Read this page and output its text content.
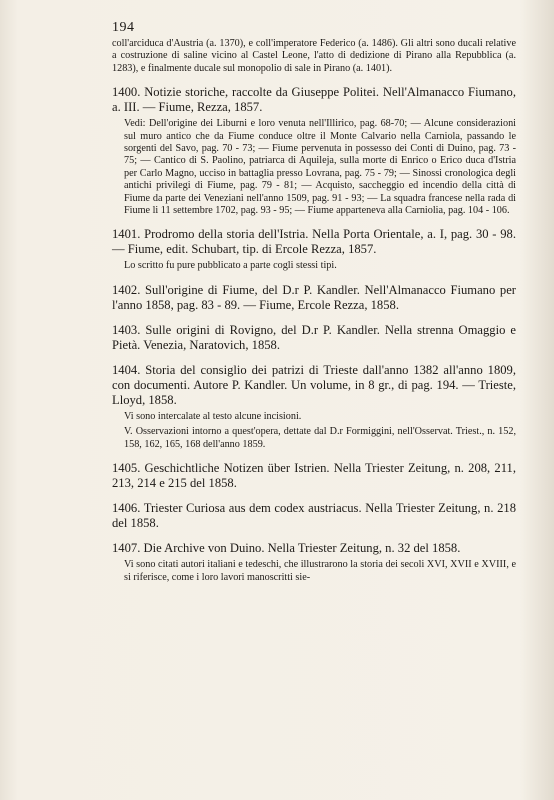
194

coll'arciduca d'Austria (a. 1370), e coll'imperatore Federico (a. 1486). Gli altri sono ducali relative a costruzione di saline vicino al Castel Leone, l'atto di dedizione di Pirano alla Repubblica (a. 1283), e finalmente ducale sul monopolio di sale in Pirano (a. 1401).

1400. Notizie storiche, raccolte da Giuseppe Politei. Nell'Almanacco Fiumano, a. III. — Fiume, Rezza, 1857.

Vedi: Dell'origine dei Liburni e loro venuta nell'Illirico, pag. 68-70; — Alcune considerazioni sul muro antico che da Fiume conduce oltre il Monte Calvario nella Carniola, passando le sorgenti del Savo, pag. 70 - 73; — Fiume pervenuta in possesso dei Conti di Duino, pag. 73 - 75; — Cantico di S. Paolino, patriarca di Aquileja, sulla morte di Enrico o Erico duca d'Istria per Carlo Magno, ucciso in battaglia presso Lovrana, pag. 75 - 79; — Sinossi cronologica degli antichi privilegi di Fiume, pag. 79 - 81; — Acquisto, saccheggio ed incendio della città di Fiume da parte dei Veneziani nell'anno 1509, pag. 91 - 93; — La squadra francese nella rada di Fiume li 11 settembre 1702, pag. 93 - 95; — Fiume apparteneva alla Carniolia, pag. 104 - 106.

1401. Prodromo della storia dell'Istria. Nella Porta Orientale, a. I, pag. 30 - 98. — Fiume, edit. Schubart, tip. di Ercole Rezza, 1857.

Lo scritto fu pure pubblicato a parte cogli stessi tipi.

1402. Sull'origine di Fiume, del D.r P. Kandler. Nell'Almanacco Fiumano per l'anno 1858, pag. 83 - 89. — Fiume, Ercole Rezza, 1858.

1403. Sulle origini di Rovigno, del D.r P. Kandler. Nella strenna Omaggio e Pietà. Venezia, Naratovich, 1858.

1404. Storia del consiglio dei patrizi di Trieste dall'anno 1382 all'anno 1809, con documenti. Autore P. Kandler. Un volume, in 8 gr., di pag. 194. — Trieste, Lloyd, 1858.

Vi sono intercalate al testo alcune incisioni.

V. Osservazioni intorno a quest'opera, dettate dal D.r Formiggini, nell'Osservat. Triest., n. 152, 158, 162, 165, 168 dell'anno 1859.

1405. Geschichtliche Notizen über Istrien. Nella Triester Zeitung, n. 208, 211, 213, 214 e 215 del 1858.

1406. Triester Curiosa aus dem codex austriacus. Nella Triester Zeitung, n. 218 del 1858.

1407. Die Archive von Duino. Nella Triester Zeitung, n. 32 del 1858.

Vi sono citati autori italiani e tedeschi, che illustrarono la storia dei secoli XVI, XVII e XVIII, e si riferisce, come i loro lavori manoscritti sie-
